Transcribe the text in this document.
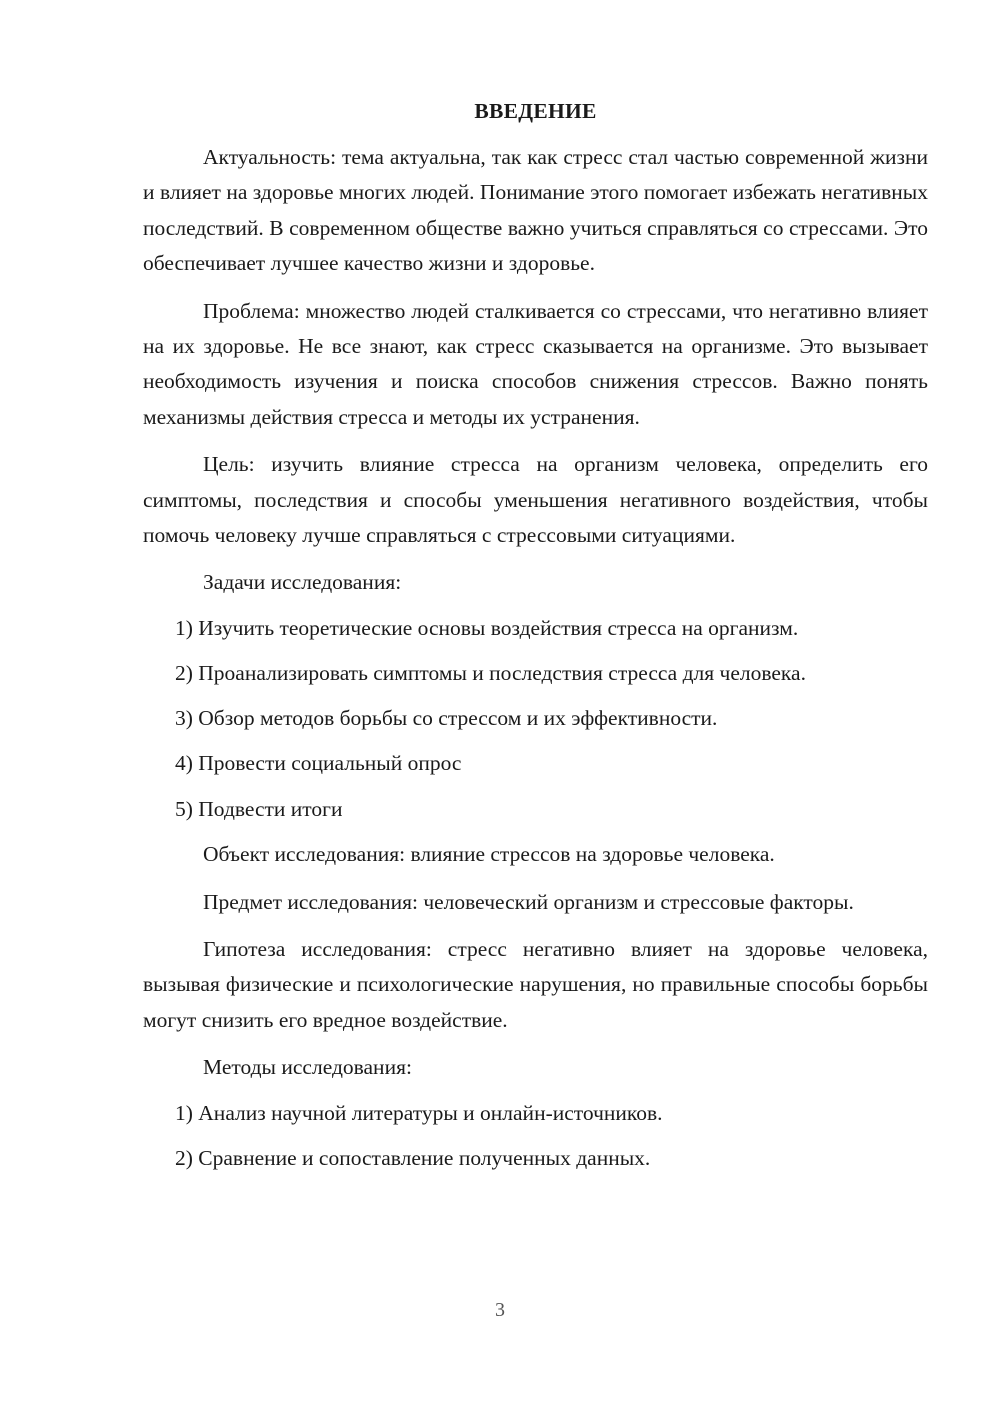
ВВЕДЕНИЕ

Актуальность: тема актуальна, так как стресс стал частью современной жизни и влияет на здоровье многих людей. Понимание этого помогает избежать негативных последствий. В современном обществе важно учиться справляться со стрессами. Это обеспечивает лучшее качество жизни и здоровье.

Проблема: множество людей сталкивается со стрессами, что негативно влияет на их здоровье. Не все знают, как стресс сказывается на организме. Это вызывает необходимость изучения и поиска способов снижения стрессов. Важно понять механизмы действия стресса и методы их устранения.

Цель: изучить влияние стресса на организм человека, определить его симптомы, последствия и способы уменьшения негативного воздействия, чтобы помочь человеку лучше справляться с стрессовыми ситуациями.

Задачи исследования:

1) Изучить теоретические основы воздействия стресса на организм.
2) Проанализировать симптомы и последствия стресса для человека.
3) Обзор методов борьбы со стрессом и их эффективности.
4) Провести социальный опрос
5) Подвести итоги

Объект исследования: влияние стрессов на здоровье человека.

Предмет исследования: человеческий организм и стрессовые факторы.

Гипотеза исследования: стресс негативно влияет на здоровье человека, вызывая физические и психологические нарушения, но правильные способы борьбы могут снизить его вредное воздействие.

Методы исследования:

1) Анализ научной литературы и онлайн-источников.
2) Сравнение и сопоставление полученных данных.
3
